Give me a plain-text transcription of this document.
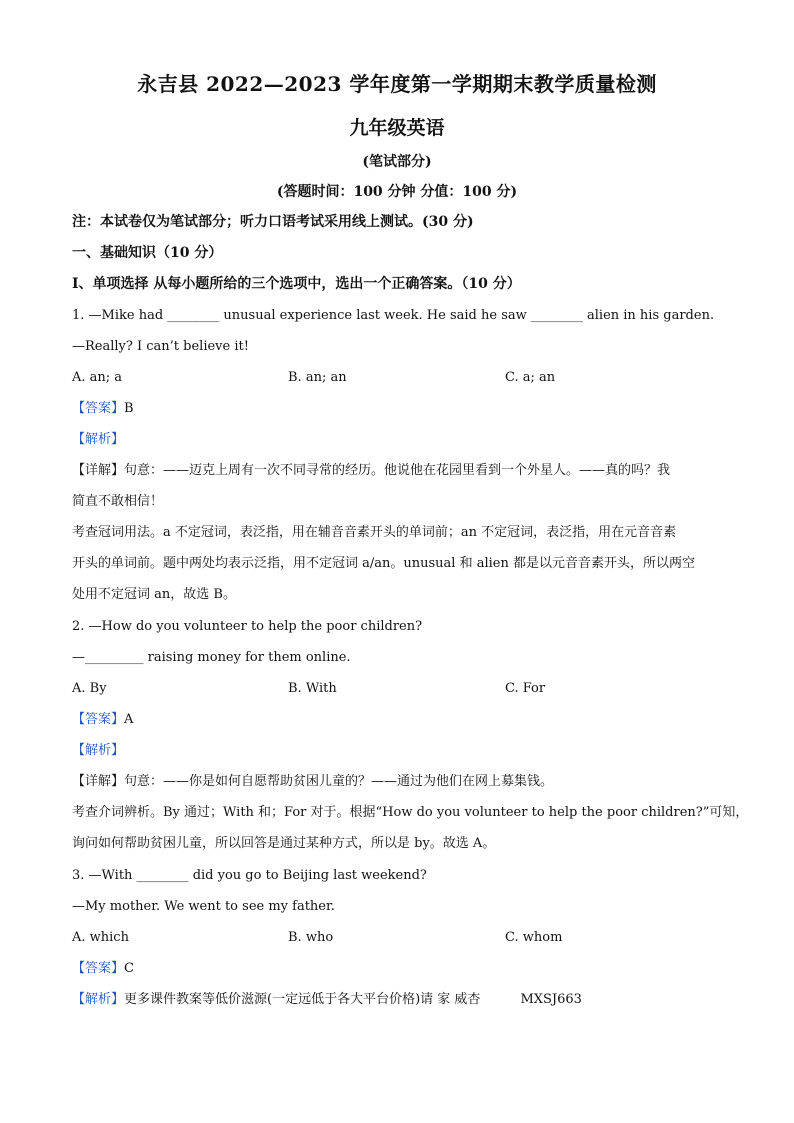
永吉县 2022—2023 学年度第一学期期末教学质量检测
九年级英语
(笔试部分)
(答题时间：100 分钟 分值：100 分)
注：本试卷仅为笔试部分；听力口语考试采用线上测试。(30 分)
一、基础知识（10 分）
Ⅰ、单项选择 从每小题所给的三个选项中，选出一个正确答案。（10 分）
1. —Mike had ________ unusual experience last week. He said he saw ________ alien in his garden.
—Really? I can’t believe it!
A. an; a	B. an; an	C. a; an
【答案】B
【解析】
【详解】句意：——迈克上周有一次不同寻常的经历。他说他在花园里看到一个外星人。——真的吗？我
简直不敢相信！
考查冠词用法。a 不定冠词，表泛指，用在辅音音素开头的单词前；an 不定冠词，表泛指，用在元音音素
开头的单词前。题中两处均表示泛指，用不定冠词 a/an。unusual 和 alien 都是以元音音素开头，所以两空
处用不定冠词 an，故选 B。
2. —How do you volunteer to help the poor children?
—_________ raising money for them online.
A. By	B. With	C. For
【答案】A
【解析】
【详解】句意：——你是如何自愿帮助贫困儿童的？——通过为他们在网上募集钱。
考查介词辨析。By 通过；With 和；For 对于。根据“How do you volunteer to help the poor children?”可知，
询问如何帮助贫困儿童，所以回答是通过某种方式，所以是 by。故选 A。
3. —With ________ did you go to Beijing last weekend?
—My mother. We went to see my father.
A. which	B. who	C. whom
【答案】C
【解析】更多课件教案等低价滋源(一定远低于各大平台价格)请 家 威杏	MXSJ663
